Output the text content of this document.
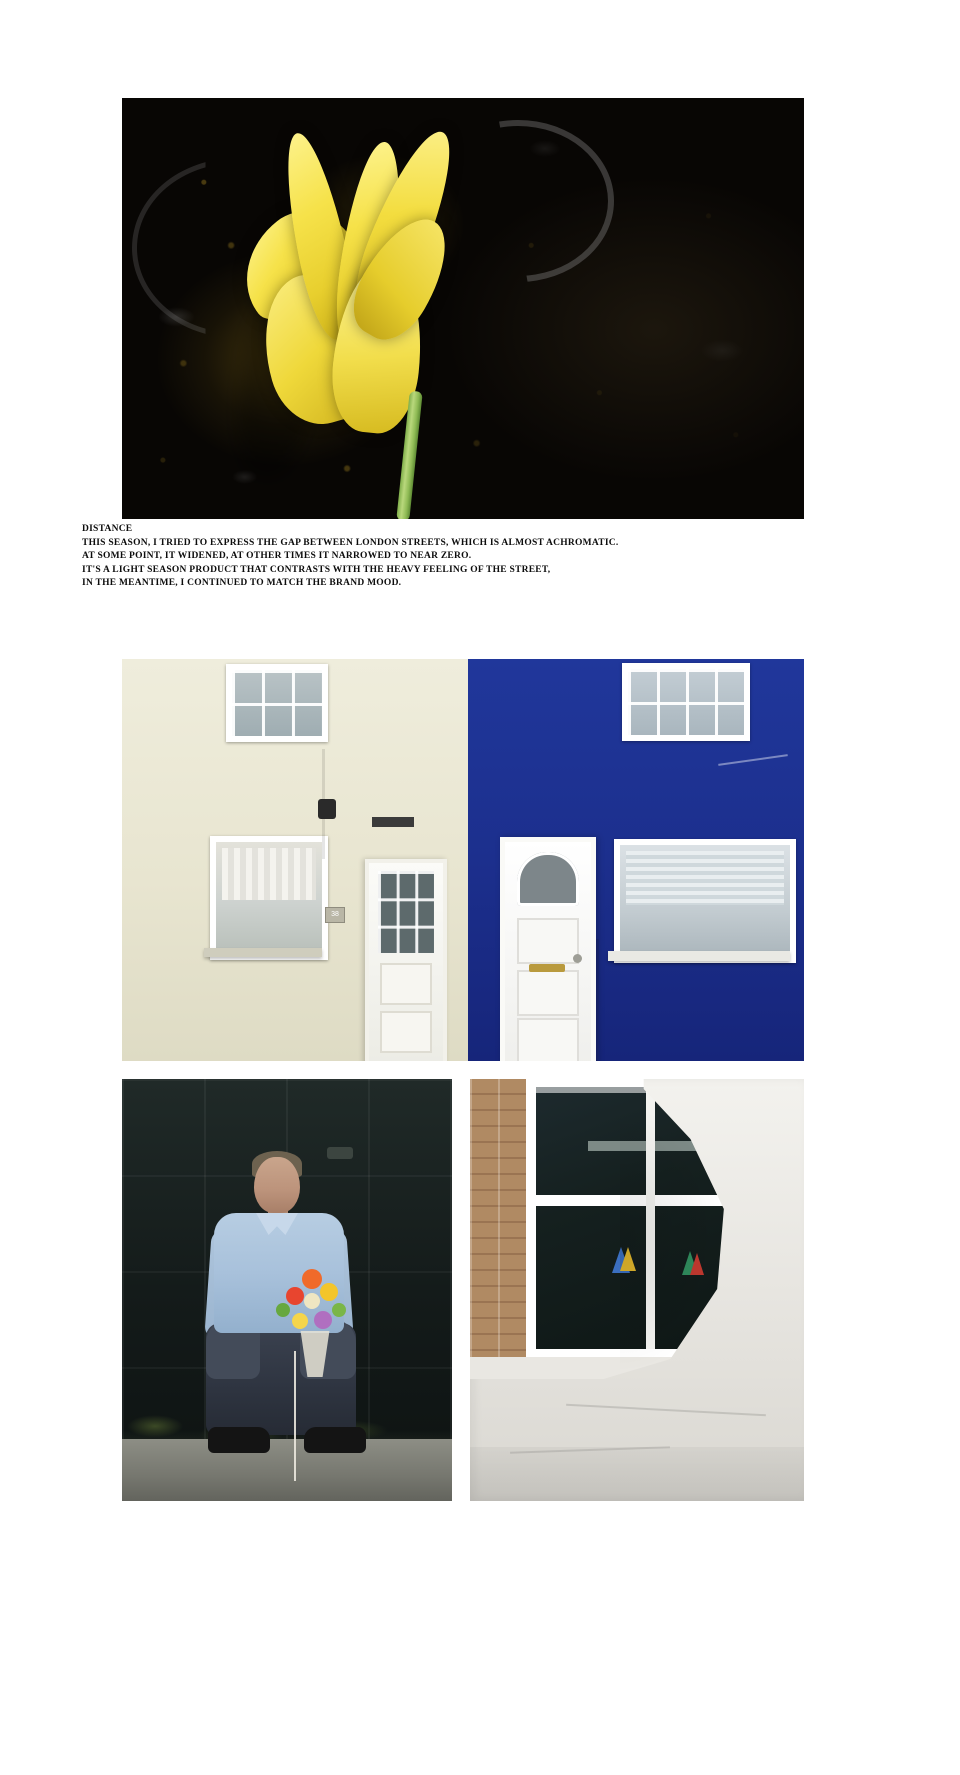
DISTANCE
THIS SEASON, I TRIED TO EXPRESS THE GAP BETWEEN LONDON STREETS, WHICH IS ALMOST ACHROMATIC.
AT SOME POINT, IT WIDENED, AT OTHER TIMES IT NARROWED TO NEAR ZERO.
IT'S A LIGHT SEASON PRODUCT THAT CONTRASTS WITH THE HEAVY FEELING OF THE STREET,
IN THE MEANTIME, I CONTINUED TO MATCH THE BRAND MOOD.
38
